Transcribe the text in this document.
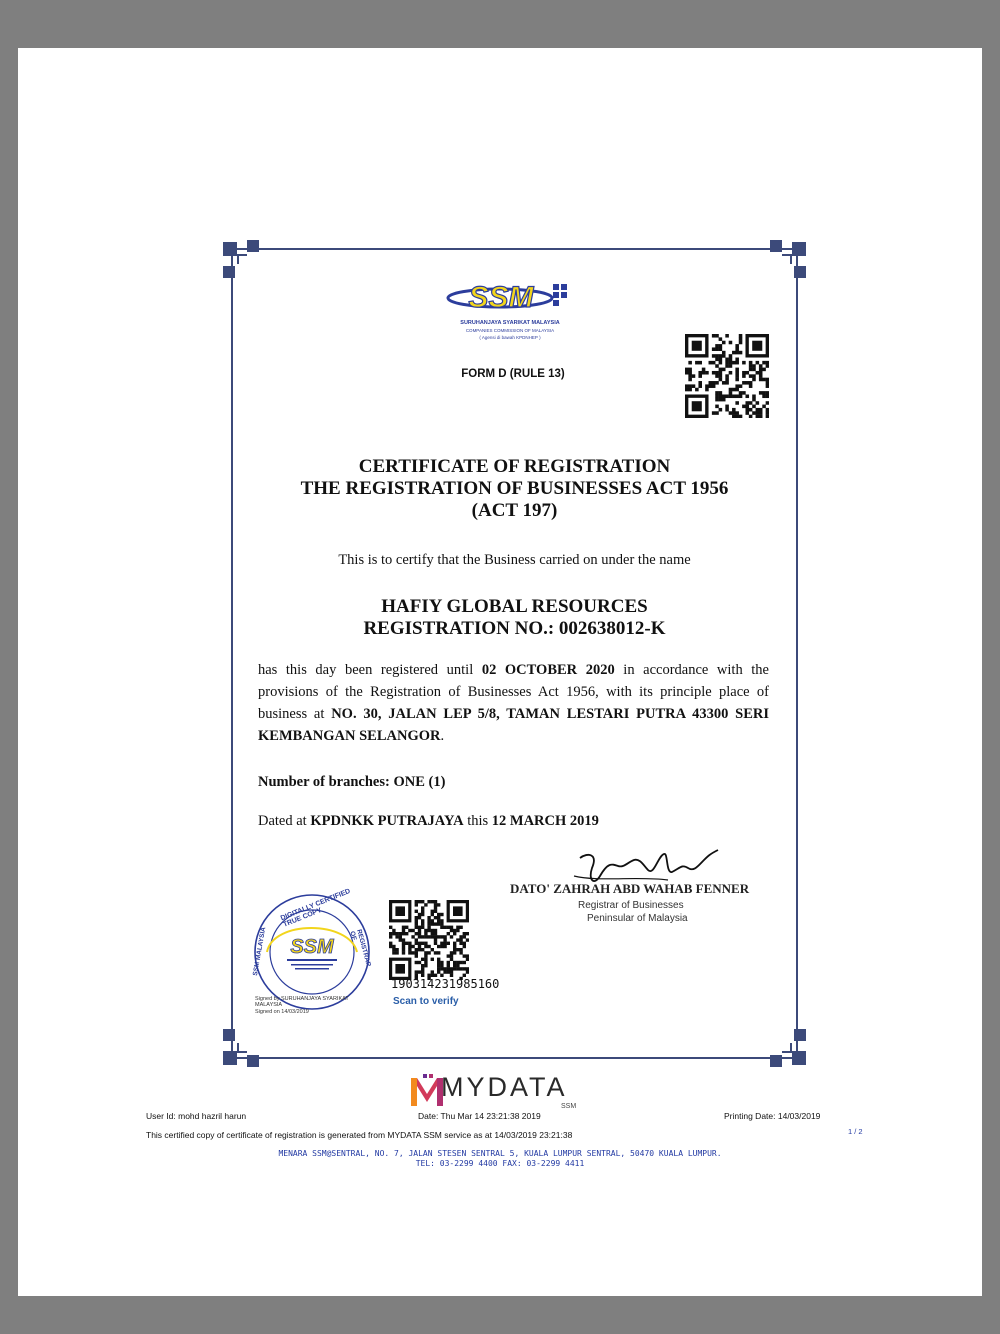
SSM
SURUHANJAYA SYARIKAT MALAYSIA
COMPANIES COMMISSION OF MALAYSIA
( Agensi di bawah KPDNHEP )
FORM D (RULE 13)
CERTIFICATE OF REGISTRATION
THE REGISTRATION OF BUSINESSES ACT 1956
(ACT 197)
This is to certify that the Business carried on under the name
HAFIY GLOBAL RESOURCES
REGISTRATION NO.: 002638012-K
has this day been registered until 02 OCTOBER 2020 in accordance with the provisions of the Registration of Businesses Act 1956, with its principle place of business at NO. 30, JALAN LEP 5/8, TAMAN LESTARI PUTRA 43300 SERI KEMBANGAN SELANGOR.
Number of branches: ONE (1)
Dated at KPDNKK PUTRAJAYA this 12 MARCH 2019
DATO' ZAHRAH ABD WAHAB FENNER
Registrar of Businesses
Peninsular of Malaysia
SSM
DIGITALLY CERTIFIED TRUE COPY
SSM MALAYSIA	REGISTRAR OF
Signed by SURUHANJAYA SYARIKAT MALAYSIA
Signed on 14/03/2019
190314231985160
Scan to verify
MYDATA
SSM
User Id: mohd hazril harun	Date: Thu Mar 14 23:21:38 2019	Printing Date: 14/03/2019
This certified copy of certificate of registration is generated from MYDATA SSM service as at 14/03/2019 23:21:38	1 / 2
MENARA SSM@SENTRAL, NO. 7, JALAN STESEN SENTRAL 5, KUALA LUMPUR SENTRAL, 50470 KUALA LUMPUR.
TEL: 03-2299 4400 FAX: 03-2299 4411
